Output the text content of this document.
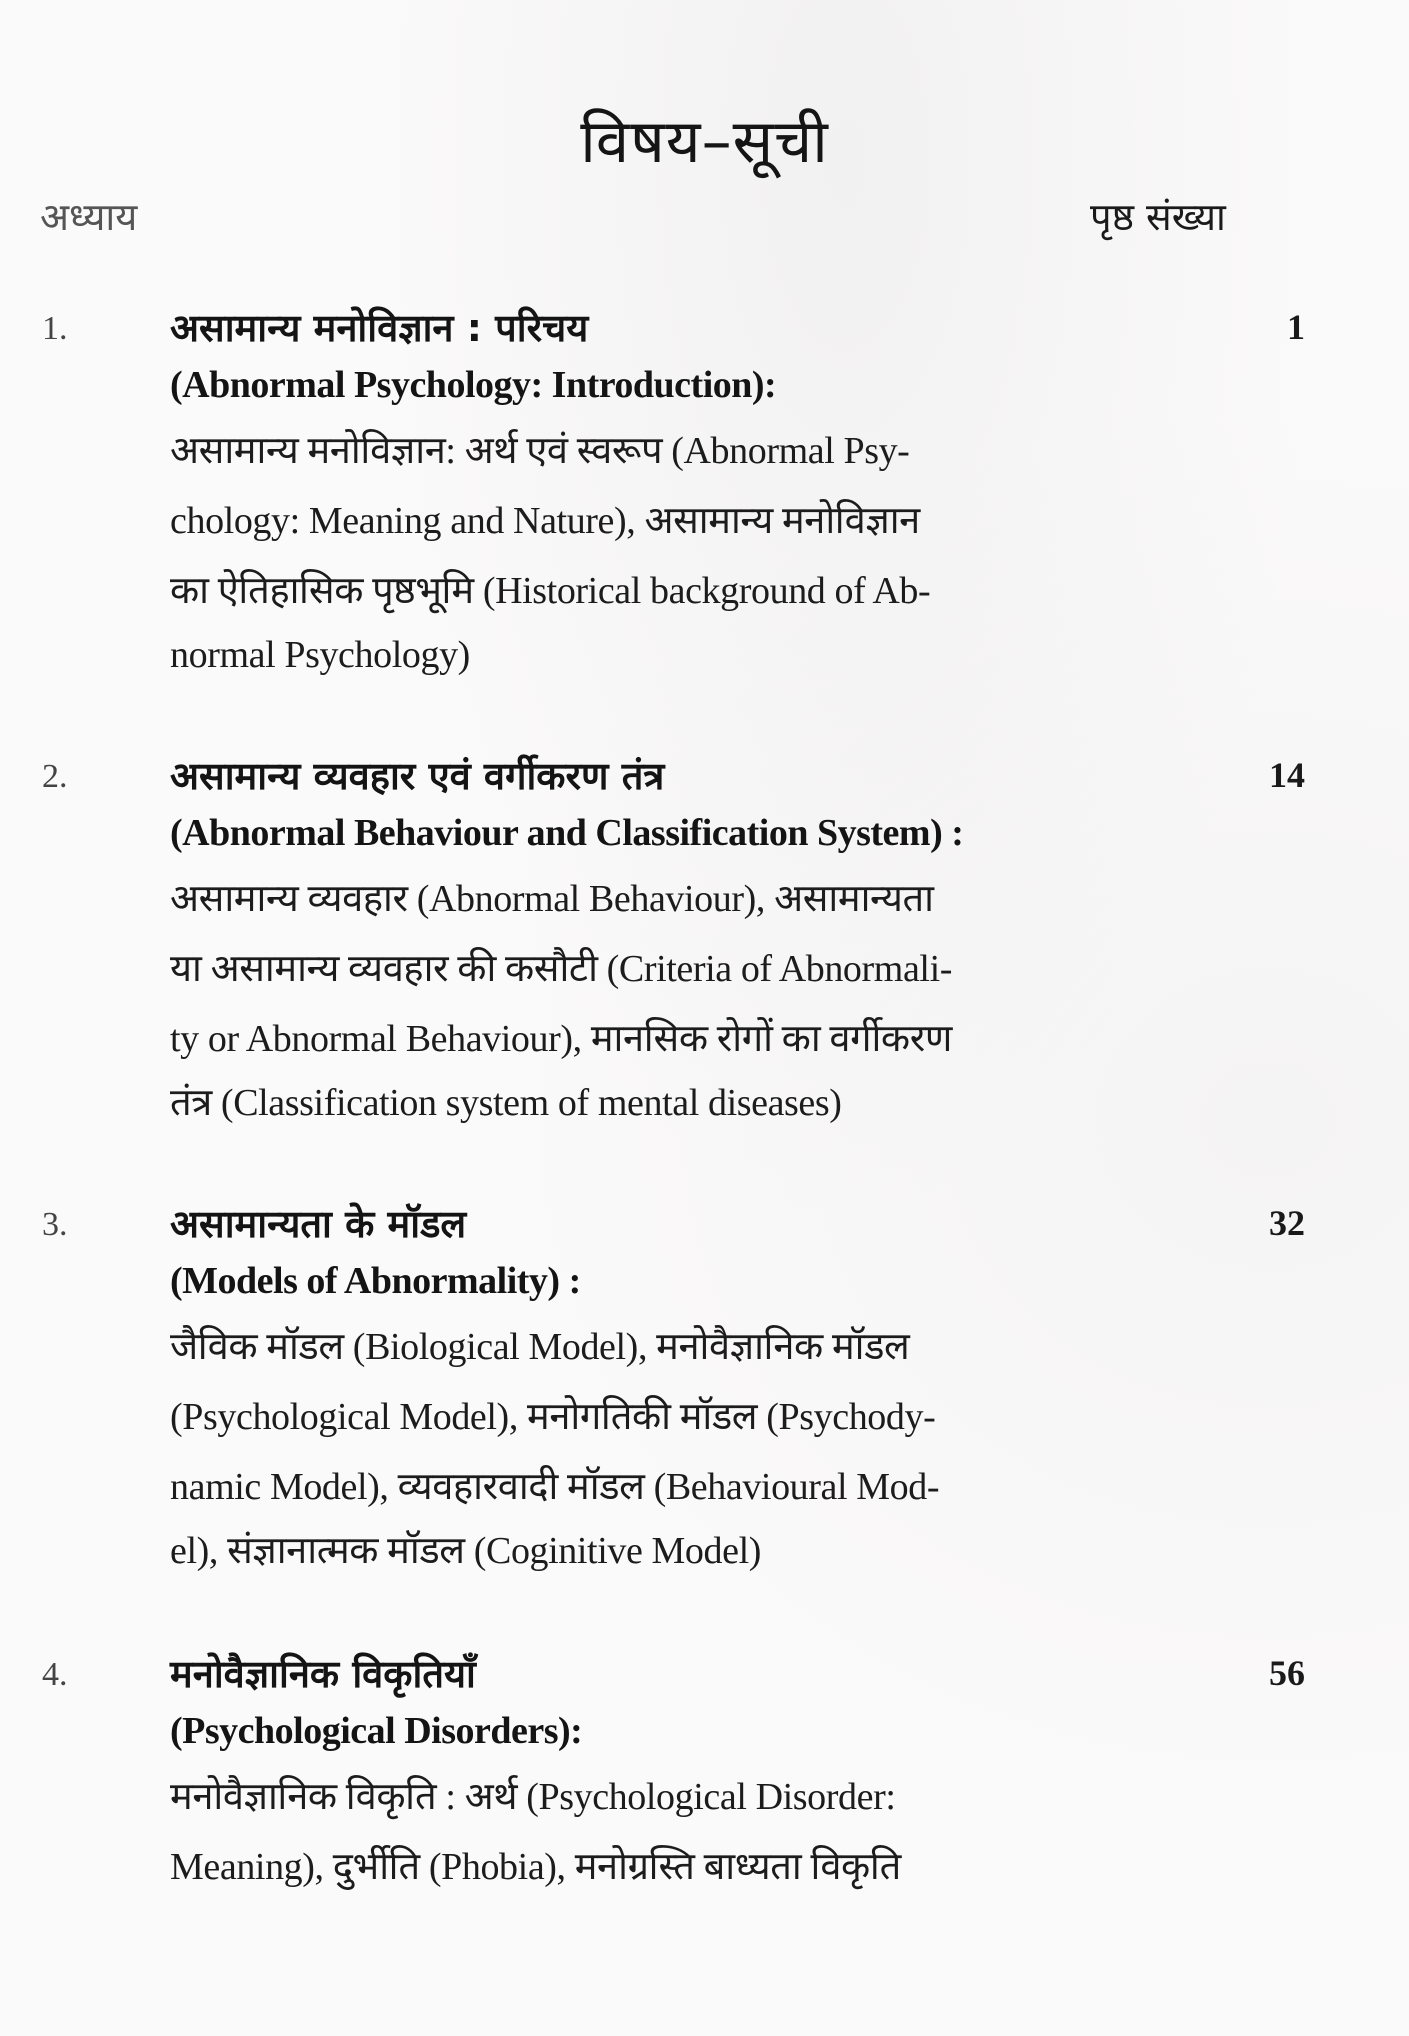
विषय–सूची
अध्याय	पृष्ठ संख्या
1.	1
असामान्य मनोविज्ञान : परिचय
(Abnormal Psychology: Introduction):
असामान्य मनोविज्ञान: अर्थ एवं स्वरूप (Abnormal Psy-
chology: Meaning and Nature), असामान्य मनोविज्ञान
का ऐतिहासिक पृष्ठभूमि (Historical background of Ab-
normal Psychology)
2.	14
असामान्य व्यवहार एवं वर्गीकरण तंत्र
(Abnormal Behaviour and Classification System) :
असामान्य व्यवहार (Abnormal Behaviour), असामान्यता
या असामान्य व्यवहार की कसौटी (Criteria of Abnormali-
ty or Abnormal Behaviour), मानसिक रोगों का वर्गीकरण
तंत्र (Classification system of mental diseases)
3.	32
असामान्यता के मॉडल
(Models of Abnormality) :
जैविक मॉडल (Biological Model), मनोवैज्ञानिक मॉडल
(Psychological Model), मनोगतिकी मॉडल (Psychody-
namic Model), व्यवहारवादी मॉडल (Behavioural Mod-
el), संज्ञानात्मक मॉडल (Coginitive Model)
4.	56
मनोवैज्ञानिक विकृतियाँ
(Psychological Disorders):
मनोवैज्ञानिक विकृति : अर्थ (Psychological Disorder:
Meaning), दुर्भीति (Phobia), मनोग्रस्ति बाध्यता विकृति
